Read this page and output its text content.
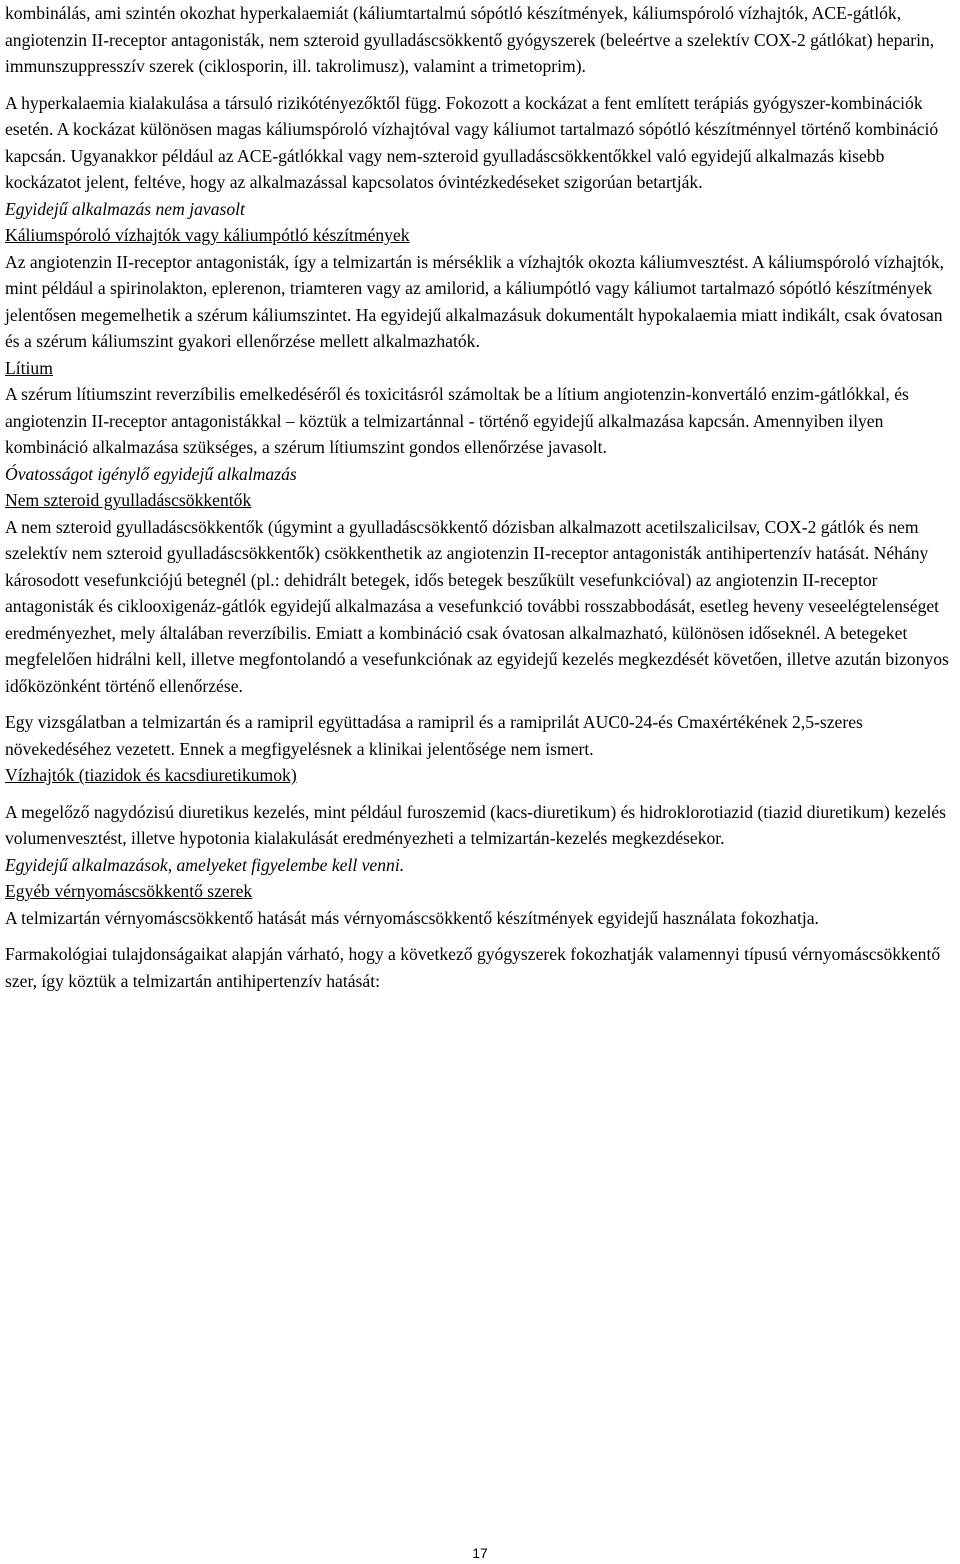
kombinálás, ami szintén okozhat hyperkalaemiát (káliumtartalmú sópótló készítmények, káliumspóroló vízhajtók, ACE-gátlók, angiotenzin II-receptor antagonisták, nem szteroid gyulladáscsökkentő gyógyszerek (beleértve a szelektív COX-2 gátlókat) heparin, immunszuppresszív szerek (ciklosporin, ill. takrolimusz), valamint a trimetoprim).

A hyperkalaemia kialakulása a társuló rizikótényezőktől függ. Fokozott a kockázat a fent említett terápiás gyógyszer-kombinációk esetén. A kockázat különösen magas káliumspóroló vízhajtóval vagy káliumot tartalmazó sópótló készítménnyel történő kombináció kapcsán. Ugyanakkor például az ACE-gátlókkal vagy nem-szteroid gyulladáscsökkentőkkel való egyidejű alkalmazás kisebb kockázatot jelent, feltéve, hogy az alkalmazással kapcsolatos óvintézkedéseket szigorúan betartják.

Egyidejű alkalmazás nem javasolt

Káliumspóroló vízhajtók vagy káliumpótló készítmények

Az angiotenzin II-receptor antagonisták, így a telmizartán is mérséklik a vízhajtók okozta káliumvesztést. A káliumspóroló vízhajtók, mint például a spirinolakton, eplerenon, triamteren vagy az amilorid, a káliumpótló vagy káliumot tartalmazó sópótló készítmények jelentősen megemelhetik a szérum káliumszintet. Ha egyidejű alkalmazásuk dokumentált hypokalaemia miatt indikált, csak óvatosan és a szérum káliumszint gyakori ellenőrzése mellett alkalmazhatók.

Lítium

A szérum lítiumszint reverzíbilis emelkedéséről és toxicitásról számoltak be a lítium angiotenzin-konvertáló enzim-gátlókkal, és angiotenzin II-receptor antagonistákkal – köztük a telmizartánnal - történő egyidejű alkalmazása kapcsán. Amennyiben ilyen kombináció alkalmazása szükséges, a szérum lítiumszint gondos ellenőrzése javasolt.

Óvatosságot igénylő egyidejű alkalmazás

Nem szteroid gyulladáscsökkentők

A nem szteroid gyulladáscsökkentők (úgymint a gyulladáscsökkentő dózisban alkalmazott acetilszalicilsav, COX-2 gátlók és nem szelektív nem szteroid gyulladáscsökkentők) csökkenthetik az angiotenzin II-receptor antagonisták antihipertenzív hatását. Néhány károsodott vesefunkciójú betegnél (pl.: dehidrált betegek, idős betegek beszűkült vesefunkcióval) az angiotenzin II-receptor antagonisták és ciklooxigenáz-gátlók egyidejű alkalmazása a vesefunkció további rosszabbodását, esetleg heveny veseelégtelenséget eredményezhet, mely általában reverzíbilis. Emiatt a kombináció csak óvatosan alkalmazható, különösen időseknél. A betegeket megfelelően hidrálni kell, illetve megfontolandó a vesefunkciónak az egyidejű kezelés megkezdését követően, illetve azután bizonyos időközönként történő ellenőrzése.

Egy vizsgálatban a telmizartán és a ramipril együttadása a ramipril és a ramiprilát AUC0-24-és Cmaxértékének 2,5-szeres növekedéséhez vezetett. Ennek a megfigyelésnek a klinikai jelentősége nem ismert.

Vízhajtók (tiazidok és kacsdiuretikumok)

A megelőző nagydózisú diuretikus kezelés, mint például furoszemid (kacs-diuretikum) és hidroklorotiazid (tiazid diuretikum) kezelés volumenvesztést, illetve hypotonia kialakulását eredményezheti a telmizartán-kezelés megkezdésekor.

Egyidejű alkalmazások, amelyeket figyelembe kell venni.

Egyéb vérnyomáscsökkentő szerek

A telmizartán vérnyomáscsökkentő hatását más vérnyomáscsökkentő készítmények egyidejű használata fokozhatja.

Farmakológiai tulajdonságaikat alapján várható, hogy a következő gyógyszerek fokozhatják valamennyi típusú vérnyomáscsökkentő szer, így köztük a telmizartán antihipertenzív hatását:

17
